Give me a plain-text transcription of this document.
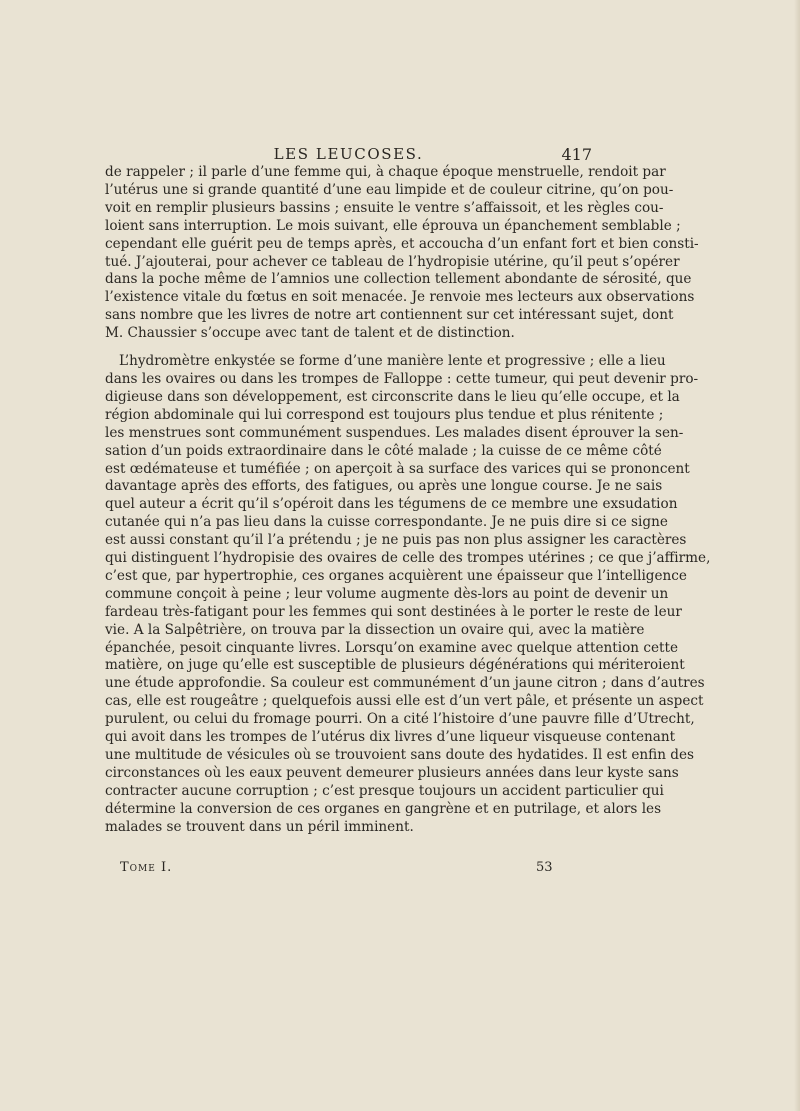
LES LEUCOSES.	417
de rappeler ; il parle d’une femme qui, à chaque époque menstruelle, rendoit par
l’utérus une si grande quantité d’une eau limpide et de couleur citrine, qu’on pou-
voit en remplir plusieurs bassins ; ensuite le ventre s’affaissoit, et les règles cou-
loient sans interruption. Le mois suivant, elle éprouva un épanchement semblable ;
cependant elle guérit peu de temps après, et accoucha d’un enfant fort et bien consti-
tué. J’ajouterai, pour achever ce tableau de l’hydropisie utérine, qu’il peut s’opérer
dans la poche même de l’amnios une collection tellement abondante de sérosité, que
l’existence vitale du fœtus en soit menacée. Je renvoie mes lecteurs aux observations
sans nombre que les livres de notre art contiennent sur cet intéressant sujet, dont
M. Chaussier s’occupe avec tant de talent et de distinction.
L’hydromètre enkystée se forme d’une manière lente et progressive ; elle a lieu
dans les ovaires ou dans les trompes de Falloppe : cette tumeur, qui peut devenir pro-
digieuse dans son développement, est circonscrite dans le lieu qu’elle occupe, et la
région abdominale qui lui correspond est toujours plus tendue et plus rénitente ;
les menstrues sont communément suspendues. Les malades disent éprouver la sen-
sation d’un poids extraordinaire dans le côté malade ; la cuisse de ce même côté
est œdémateuse et tuméfiée ; on aperçoit à sa surface des varices qui se prononcent
davantage après des efforts, des fatigues, ou après une longue course. Je ne sais
quel auteur a écrit qu’il s’opéroit dans les tégumens de ce membre une exsudation
cutanée qui n’a pas lieu dans la cuisse correspondante. Je ne puis dire si ce signe
est aussi constant qu’il l’a prétendu ; je ne puis pas non plus assigner les caractères
qui distinguent l’hydropisie des ovaires de celle des trompes utérines ; ce que j’affirme,
c’est que, par hypertrophie, ces organes acquièrent une épaisseur que l’intelligence
commune conçoit à peine ; leur volume augmente dès-lors au point de devenir un
fardeau très-fatigant pour les femmes qui sont destinées à le porter le reste de leur
vie. A la Salpêtrière, on trouva par la dissection un ovaire qui, avec la matière
épanchée, pesoit cinquante livres. Lorsqu’on examine avec quelque attention cette
matière, on juge qu’elle est susceptible de plusieurs dégénérations qui mériteroient
une étude approfondie. Sa couleur est communément d’un jaune citron ; dans d’autres
cas, elle est rougeâtre ; quelquefois aussi elle est d’un vert pâle, et présente un aspect
purulent, ou celui du fromage pourri. On a cité l’histoire d’une pauvre fille d’Utrecht,
qui avoit dans les trompes de l’utérus dix livres d’une liqueur visqueuse contenant
une multitude de vésicules où se trouvoient sans doute des hydatides. Il est enfin des
circonstances où les eaux peuvent demeurer plusieurs années dans leur kyste sans
contracter aucune corruption ; c’est presque toujours un accident particulier qui
détermine la conversion de ces organes en gangrène et en putrilage, et alors les
malades se trouvent dans un péril imminent.
Tome I.	53
